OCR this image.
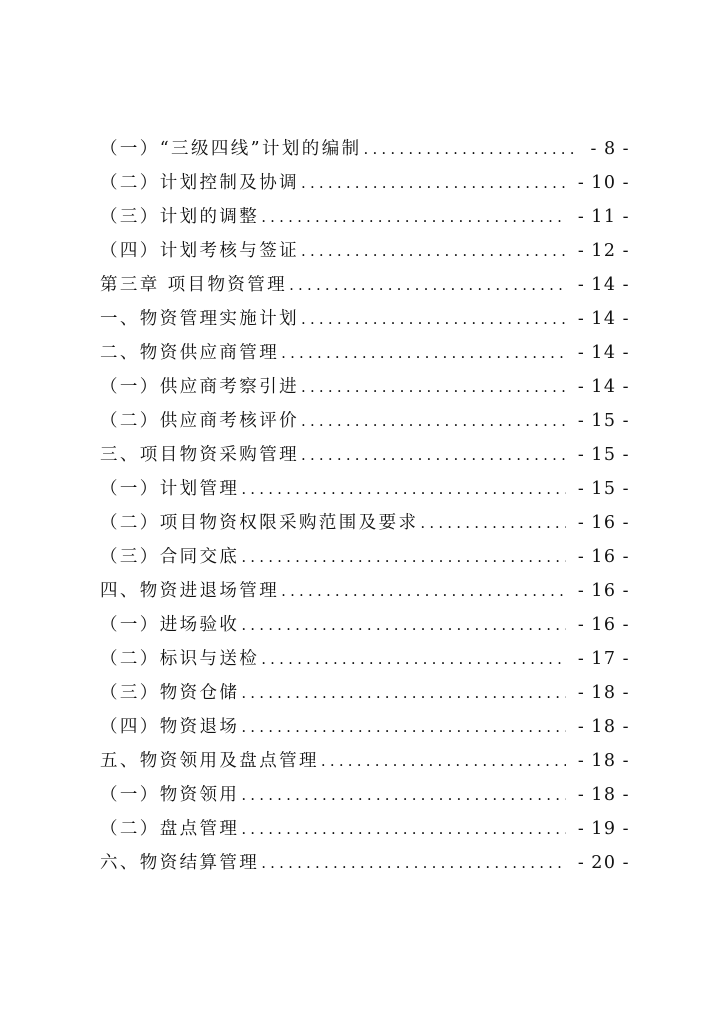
（一）“三级四线”计划的编制 .....	- 8 -
（二）计划控制及协调 .....	- 10 -
（三）计划的调整 .....	- 11 -
（四）计划考核与签证 .....	- 12 -
第三章 项目物资管理 .....	- 14 -
一、物资管理实施计划 .....	- 14 -
二、物资供应商管理 .....	- 14 -
（一）供应商考察引进 .....	- 14 -
（二）供应商考核评价 .....	- 15 -
三、项目物资采购管理 .....	- 15 -
（一）计划管理 .....	- 15 -
（二）项目物资权限采购范围及要求 .....	- 16 -
（三）合同交底 .....	- 16 -
四、物资进退场管理 .....	- 16 -
（一）进场验收 .....	- 16 -
（二）标识与送检 .....	- 17 -
（三）物资仓储 .....	- 18 -
（四）物资退场 .....	- 18 -
五、物资领用及盘点管理 .....	- 18 -
（一）物资领用 .....	- 18 -
（二）盘点管理 .....	- 19 -
六、物资结算管理 .....	- 20 -
